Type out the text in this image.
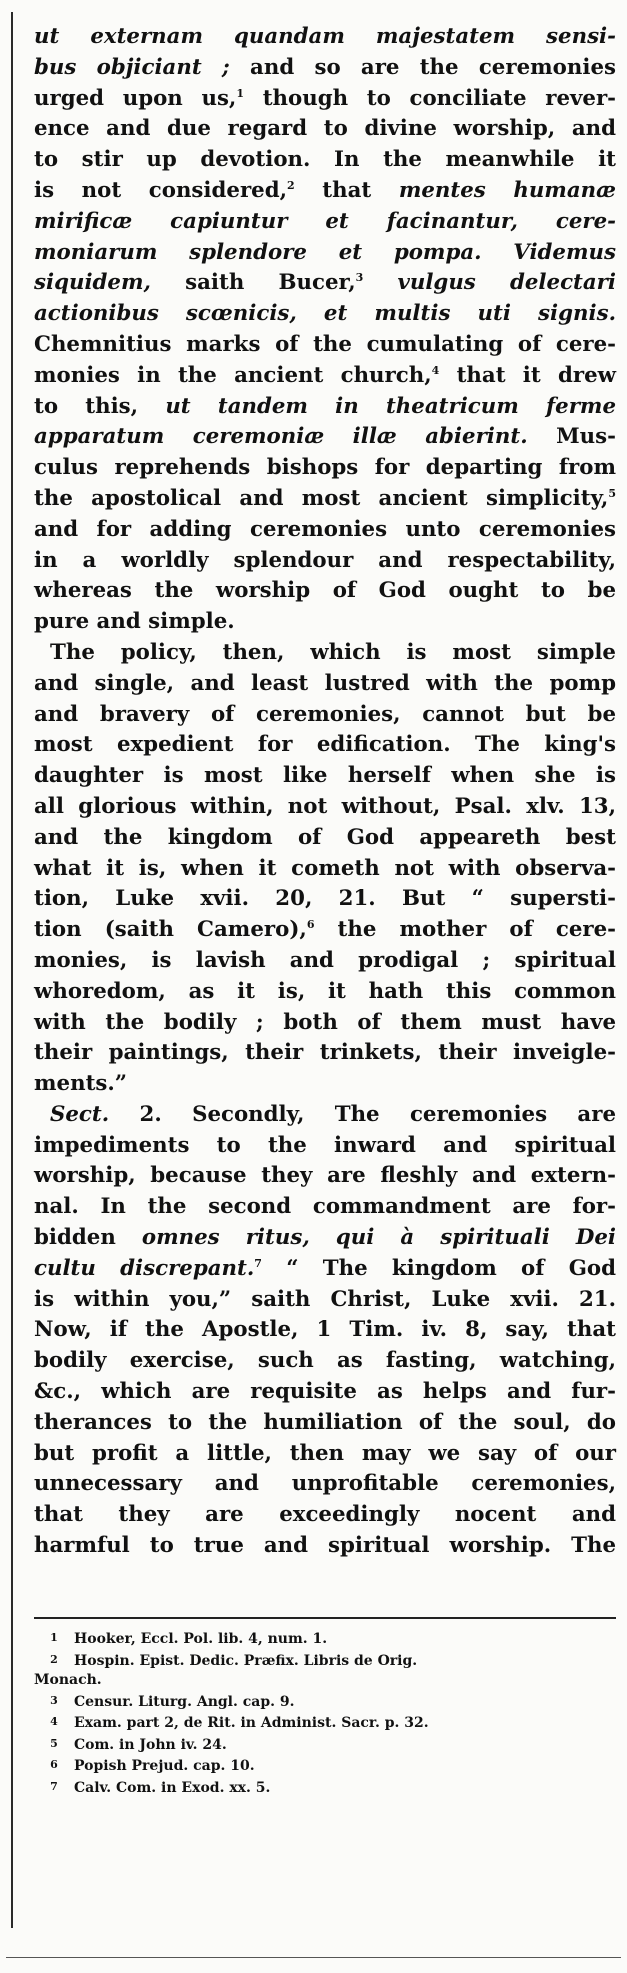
ut externam quandam majestatem sensi-
bus objiciant ; and so are the ceremonies
urged upon us,$^1$ though to conciliate rever-
ence and due regard to divine worship, and
to stir up devotion. In the meanwhile it
is not considered,$^2$ that mentes humanæ
mirificæ capiuntur et facinantur, cere-
moniarum splendore et pompa. Videmus
siquidem, saith Bucer,$^3$ vulgus delectari
actionibus scœnicis, et multis uti signis.
Chemnitius marks of the cumulating of cere-
monies in the ancient church,$^4$ that it drew
to this, ut tandem in theatricum ferme
apparatum ceremoniæ illæ abierint. Mus-
culus reprehends bishops for departing from
the apostolical and most ancient simplicity,$^5$
and for adding ceremonies unto ceremonies
in a worldly splendour and respectability,
whereas the worship of God ought to be
pure and simple.
The policy, then, which is most simple
and single, and least lustred with the pomp
and bravery of ceremonies, cannot but be
most expedient for edification. The king's
daughter is most like herself when she is
all glorious within, not without, Psal. xlv. 13,
and the kingdom of God appeareth best
what it is, when it cometh not with observa-
tion, Luke xvii. 20, 21. But “ supersti-
tion (saith Camero),$^6$ the mother of cere-
monies, is lavish and prodigal ; spiritual
whoredom, as it is, it hath this common
with the bodily ; both of them must have
their paintings, their trinkets, their inveigle-
ments.”
Sect. 2. Secondly, The ceremonies are
impediments to the inward and spiritual
worship, because they are fleshly and extern-
nal. In the second commandment are for-
bidden omnes ritus, qui à spirituali Dei
cultu discrepant.$^7$ “ The kingdom of God
is within you,” saith Christ, Luke xvii. 21.
Now, if the Apostle, 1 Tim. iv. 8, say, that
bodily exercise, such as fasting, watching,
&c., which are requisite as helps and fur-
therances to the humiliation of the soul, do
but profit a little, then may we say of our
unnecessary and unprofitable ceremonies,
that they are exceedingly nocent and
harmful to true and spiritual worship. The
1 Hooker, Eccl. Pol. lib. 4, num. 1.
2 Hospin. Epist. Dedic. Præfix. Libris de Orig.
Monach.
3 Censur. Liturg. Angl. cap. 9.
4 Exam. part 2, de Rit. in Administ. Sacr. p. 32.
5 Com. in John iv. 24.
6 Popish Prejud. cap. 10.
7 Calv. Com. in Exod. xx. 5.
